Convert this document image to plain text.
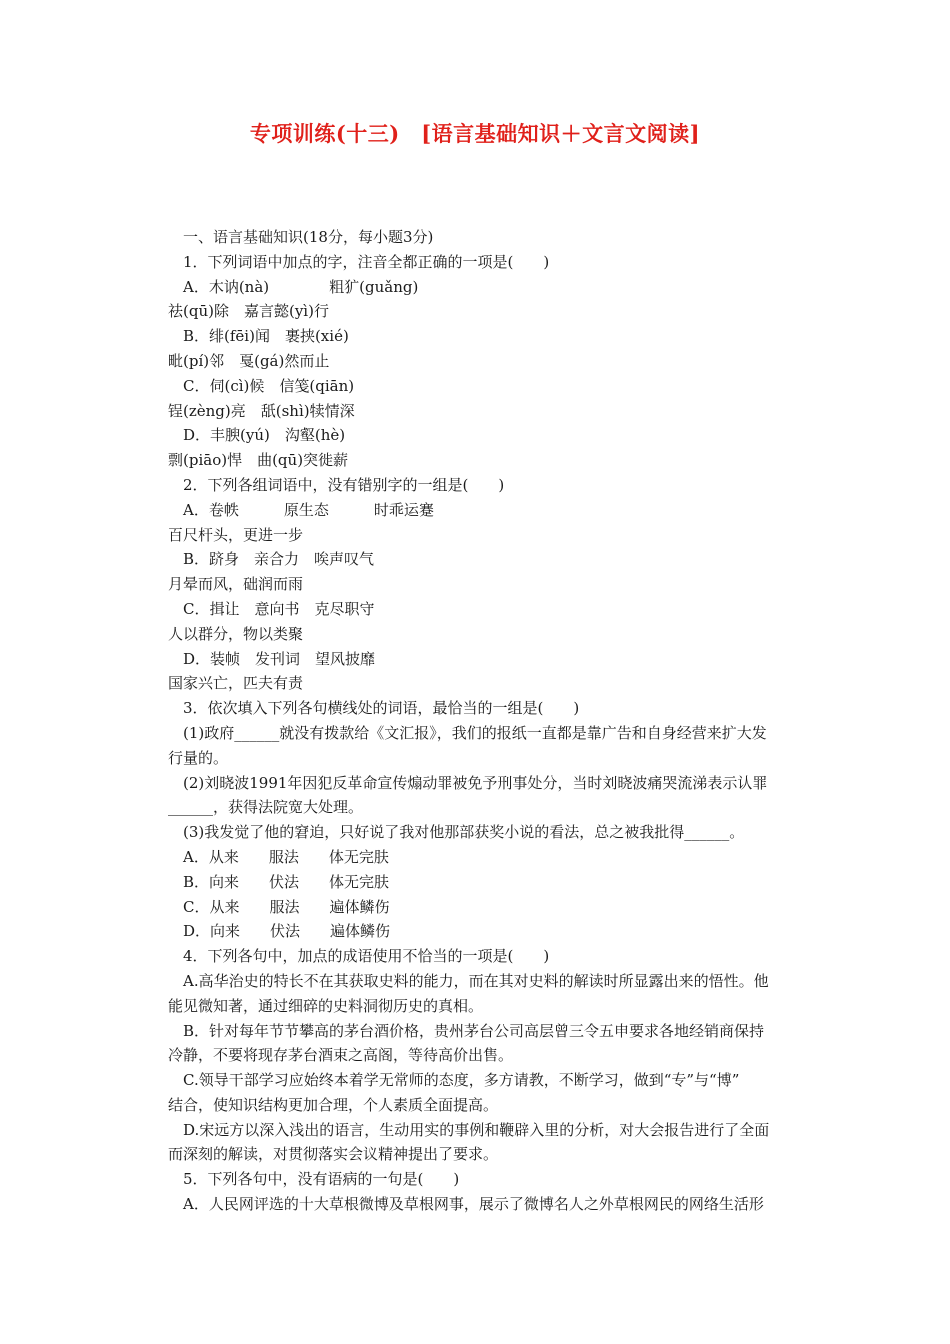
专项训练(十三)　[语言基础知识＋文言文阅读]
　一、语言基础知识(18分，每小题3分)
　1．下列词语中加点的字，注音全都正确的一项是(　　)
　A．木讷(nà)　　　　粗犷(guǎng)
祛(qū)除　嘉言懿(yì)行
　B．绯(fēi)闻　裹挟(xié)
毗(pí)邻　戛(gá)然而止
　C．伺(cì)候　信笺(qiān)
锃(zèng)亮　舐(shì)犊情深
　D．丰腴(yú)　沟壑(hè)
剽(piāo)悍　曲(qū)突徙薪
　2．下列各组词语中，没有错别字的一组是(　　)
　A．卷帙　　　原生态　　　时乖运蹇
百尺杆头，更进一步
　B．跻身　亲合力　唉声叹气
月晕而风，础润而雨
　C．揖让　意向书　克尽职守
人以群分，物以类聚
　D．装帧　发刊词　望风披靡
国家兴亡，匹夫有责
　3．依次填入下列各句横线处的词语，最恰当的一组是(　　)
　(1)政府______就没有拨款给《文汇报》，我们的报纸一直都是靠广告和自身经营来扩大发
行量的。
　(2)刘晓波1991年因犯反革命宣传煽动罪被免予刑事处分，当时刘晓波痛哭流涕表示认罪
______，获得法院宽大处理。
　(3)我发觉了他的窘迫，只好说了我对他那部获奖小说的看法，总之被我批得______。
　A．从来　　服法　　体无完肤
　B．向来　　伏法　　体无完肤
　C．从来　　服法　　遍体鳞伤
　D．向来　　伏法　　遍体鳞伤
　4．下列各句中，加点的成语使用不恰当的一项是(　　)
　A.高华治史的特长不在其获取史料的能力，而在其对史料的解读时所显露出来的悟性。他
能见微知著，通过细碎的史料洞彻历史的真相。
　B．针对每年节节攀高的茅台酒价格，贵州茅台公司高层曾三令五申要求各地经销商保持
冷静，不要将现存茅台酒束之高阁，等待高价出售。
　C.领导干部学习应始终本着学无常师的态度，多方请教，不断学习，做到“专”与“博”
结合，使知识结构更加合理，个人素质全面提高。
　D.宋远方以深入浅出的语言，生动用实的事例和鞭辟入里的分析，对大会报告进行了全面
而深刻的解读，对贯彻落实会议精神提出了要求。
　5．下列各句中，没有语病的一句是(　　)
　A．人民网评选的十大草根微博及草根网事，展示了微博名人之外草根网民的网络生活形
